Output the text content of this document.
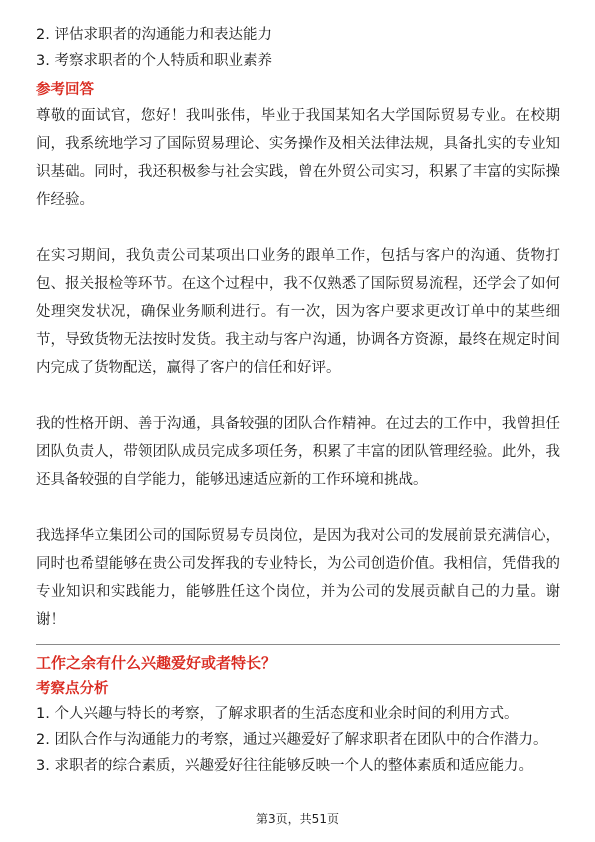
2. 评估求职者的沟通能力和表达能力
3. 考察求职者的个人特质和职业素养
参考回答

尊敬的面试官，您好！我叫张伟，毕业于我国某知名大学国际贸易专业。在校期间，我系统地学习了国际贸易理论、实务操作及相关法律法规，具备扎实的专业知识基础。同时，我还积极参与社会实践，曾在外贸公司实习，积累了丰富的实际操作经验。

在实习期间，我负责公司某项出口业务的跟单工作，包括与客户的沟通、货物打包、报关报检等环节。在这个过程中，我不仅熟悉了国际贸易流程，还学会了如何处理突发状况，确保业务顺利进行。有一次，因为客户要求更改订单中的某些细节，导致货物无法按时发货。我主动与客户沟通，协调各方资源，最终在规定时间内完成了货物配送，赢得了客户的信任和好评。

我的性格开朗、善于沟通，具备较强的团队合作精神。在过去的工作中，我曾担任团队负责人，带领团队成员完成多项任务，积累了丰富的团队管理经验。此外，我还具备较强的自学能力，能够迅速适应新的工作环境和挑战。

我选择华立集团公司的国际贸易专员岗位，是因为我对公司的发展前景充满信心，同时也希望能够在贵公司发挥我的专业特长，为公司创造价值。我相信，凭借我的专业知识和实践能力，能够胜任这个岗位，并为公司的发展贡献自己的力量。谢谢！

工作之余有什么兴趣爱好或者特长？
考察点分析
1. 个人兴趣与特长的考察，了解求职者的生活态度和业余时间的利用方式。
2. 团队合作与沟通能力的考察，通过兴趣爱好了解求职者在团队中的合作潜力。
3. 求职者的综合素质，兴趣爱好往往能够反映一个人的整体素质和适应能力。
第3页，共51页
